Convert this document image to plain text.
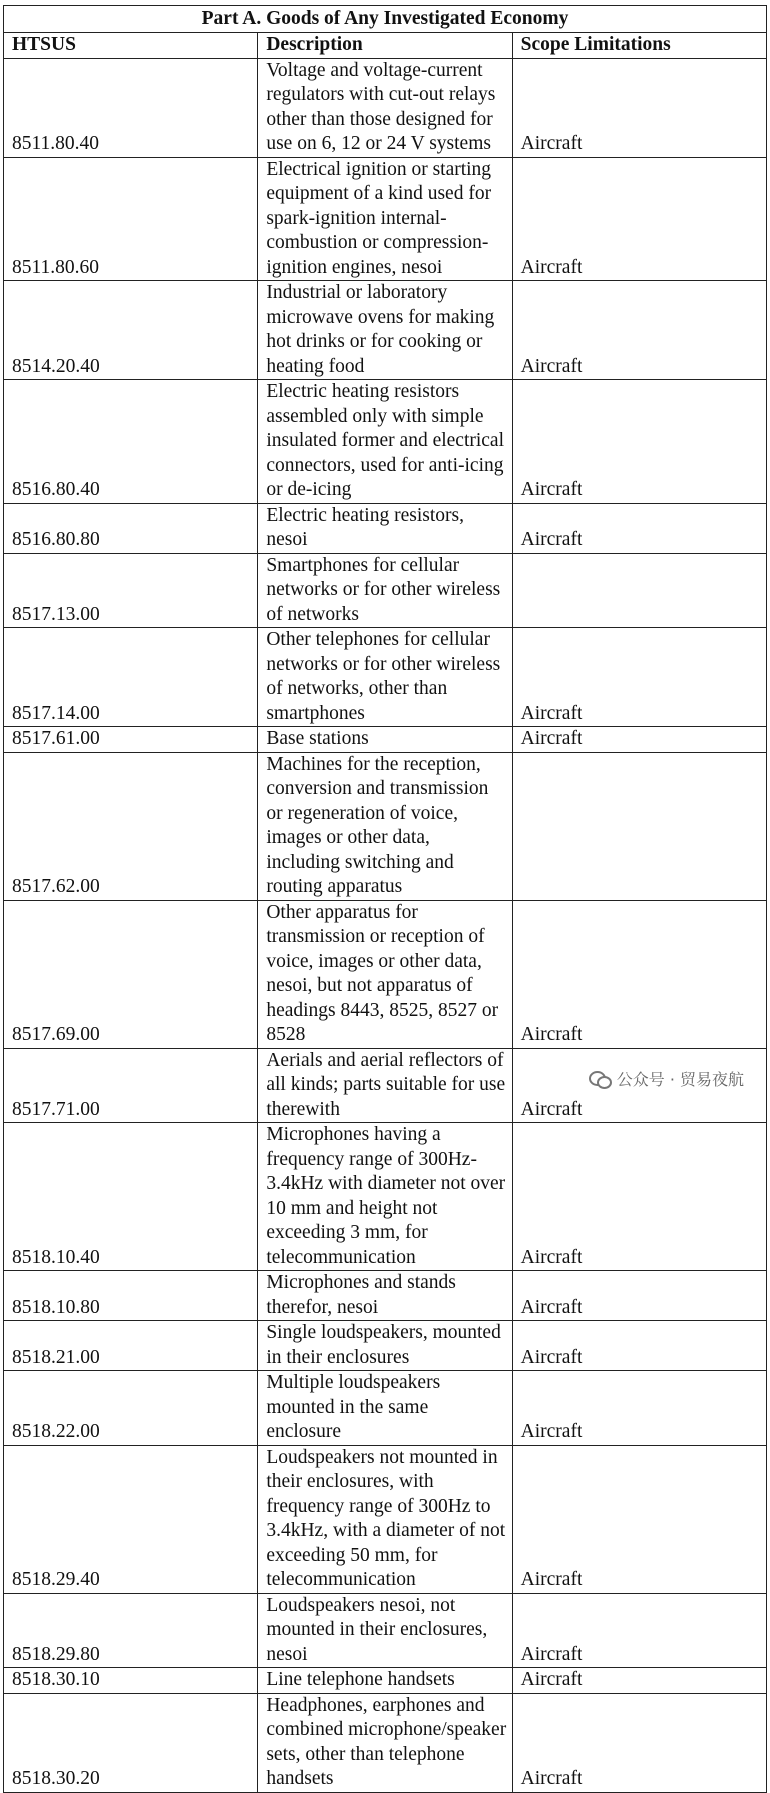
Part A. Goods of Any Investigated Economy		
HTSUS	Description	Scope Limitations
8511.80.40	Voltage and voltage-current regulators with cut-out relays other than those designed for use on 6, 12 or 24 V systems	Aircraft
8511.80.60	Electrical ignition or starting equipment of a kind used for spark-ignition internal-combustion or compression-ignition engines, nesoi	Aircraft
8514.20.40	Industrial or laboratory microwave ovens for making hot drinks or for cooking or heating food	Aircraft
8516.80.40	Electric heating resistors assembled only with simple insulated former and electrical connectors, used for anti-icing or de-icing	Aircraft
8516.80.80	Electric heating resistors, nesoi	Aircraft
8517.13.00	Smartphones for cellular networks or for other wireless of networks	
8517.14.00	Other telephones for cellular networks or for other wireless of networks, other than smartphones	Aircraft
8517.61.00	Base stations	Aircraft
8517.62.00	Machines for the reception, conversion and transmission or regeneration of voice, images or other data, including switching and routing apparatus	
8517.69.00	Other apparatus for transmission or reception of voice, images or other data, nesoi, but not apparatus of headings 8443, 8525, 8527 or 8528	Aircraft
8517.71.00	Aerials and aerial reflectors of all kinds; parts suitable for use therewith	Aircraft
8518.10.40	Microphones having a frequency range of 300Hz-3.4kHz with diameter not over 10 mm and height not exceeding 3 mm, for telecommunication	Aircraft
8518.10.80	Microphones and stands therefor, nesoi	Aircraft
8518.21.00	Single loudspeakers, mounted in their enclosures	Aircraft
8518.22.00	Multiple loudspeakers mounted in the same enclosure	Aircraft
8518.29.40	Loudspeakers not mounted in their enclosures, with frequency range of 300Hz to 3.4kHz, with a diameter of not exceeding 50 mm, for telecommunication	Aircraft
8518.29.80	Loudspeakers nesoi, not mounted in their enclosures, nesoi	Aircraft
8518.30.10	Line telephone handsets	Aircraft
8518.30.20	Headphones, earphones and combined microphone/speaker sets, other than telephone handsets	Aircraft
公众号 · 贸易夜航
